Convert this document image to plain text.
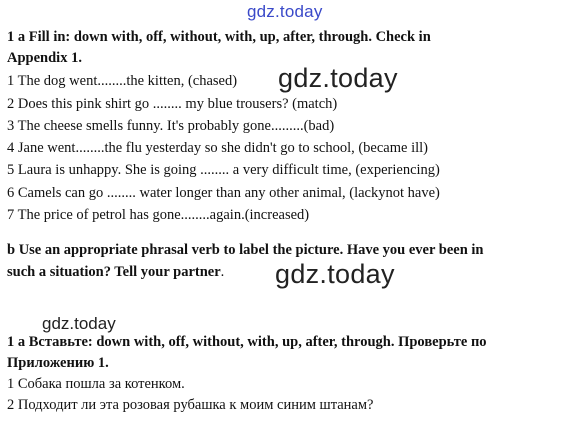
gdz.today
1 a Fill in: down with, off, without, with, up, after, through. Check in
Appendix 1.
1 The dog went........the kitten, (chased)
2 Does this pink shirt go ........ my blue trousers? (match)
3 The cheese smells funny. It's probably gone.........(bad)
4 Jane went........the flu yesterday so she didn't go to school, (became ill)
5 Laura is unhappy. She is going ........ a very difficult time, (experiencing)
6 Camels can go ........ water longer than any other animal, (lackynot have)
7 The price of petrol has gone........again.(increased)
gdz.today
b Use an appropriate phrasal verb to label the picture. Have you ever been in
such a situation? Tell your partner. gdz.today
gdz.today
1 а Вставьте: down with, off, without, with, up, after, through. Проверьте по
Приложению 1.
1 Собака пошла за котенком.
2 Подходит ли эта розовая рубашка к моим синим штанам?
